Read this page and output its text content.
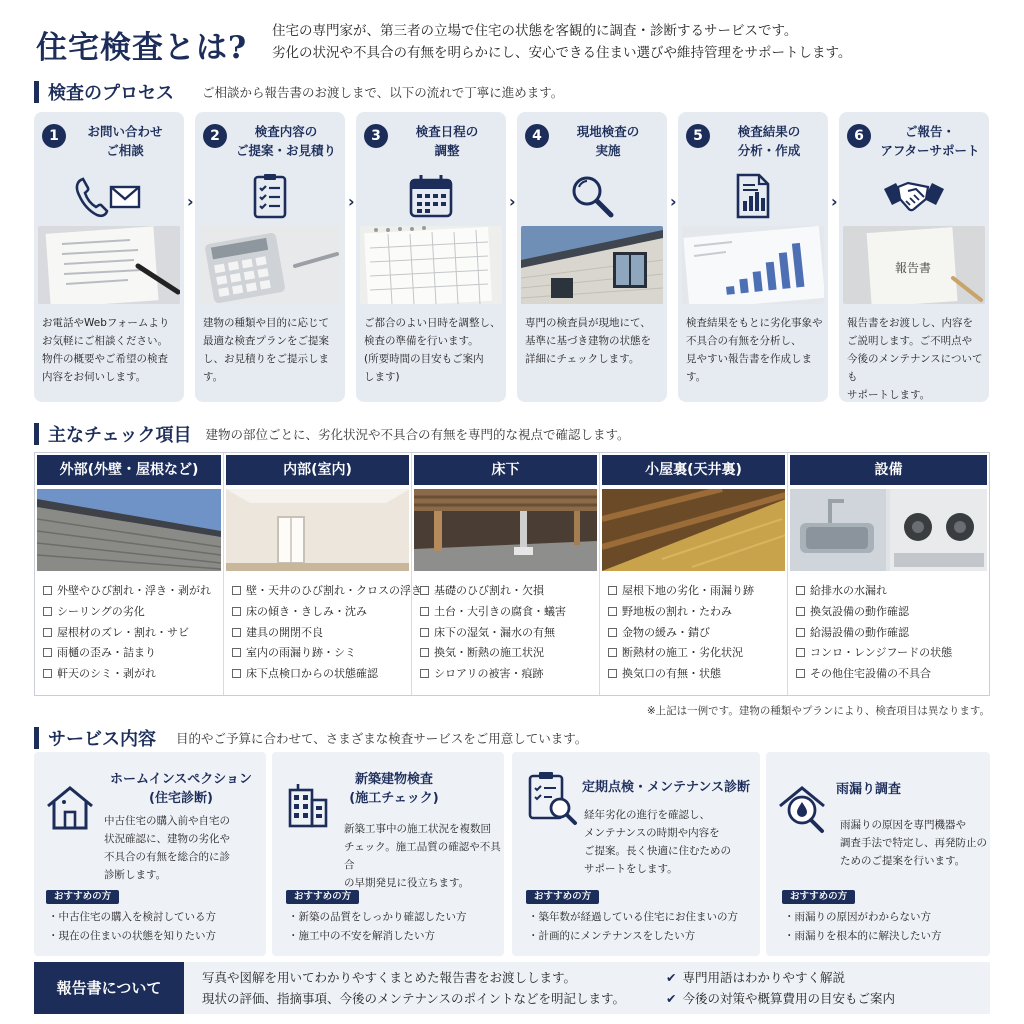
住宅検査とは? 住宅の専門家が、第三者の立場で住宅の状態を客観的に調査・診断するサービスです。
劣化の状況や不具合の有無を明らかにし、安心できる住まい選びや維持管理をサポートします。
検査のプロセス ご相談から報告書のお渡しまで、以下の流れで丁寧に進めます。
1	お問い合わせ
ご相談
お電話やWebフォームより
お気軽にご相談ください。
物件の概要やご希望の検査
内容をお伺いします。
›
2	検査内容の
ご提案・お見積り
建物の種類や目的に応じて
最適な検査プランをご提案
し、お見積りをご提示します。
›
3	検査日程の
調整
ご都合のよい日時を調整し、
検査の準備を行います。
(所要時間の目安もご案内
します)
›
4	現地検査の
実施
専門の検査員が現地にて、
基準に基づき建物の状態を
詳細にチェックします。
›
5	検査結果の
分析・作成
検査結果をもとに劣化事象や
不具合の有無を分析し、
見やすい報告書を作成します。
›
6	ご報告・
アフターサポート
報告書
報告書をお渡しし、内容を
ご説明します。ご不明点や
今後のメンテナンスについても
サポートします。
主なチェック項目 建物の部位ごとに、劣化状況や不具合の有無を専門的な視点で確認します。
外部(外壁・屋根など)
外壁やひび割れ・浮き・剥がれ
シーリングの劣化
屋根材のズレ・割れ・サビ
雨樋の歪み・詰まり
軒天のシミ・剥がれ
内部(室内)
壁・天井のひび割れ・クロスの浮き
床の傾き・きしみ・沈み
建具の開閉不良
室内の雨漏り跡・シミ
床下点検口からの状態確認
床下
基礎のひび割れ・欠損
土台・大引きの腐食・蟻害
床下の湿気・漏水の有無
換気・断熱の施工状況
シロアリの被害・痕跡
小屋裏(天井裏)
屋根下地の劣化・雨漏り跡
野地板の割れ・たわみ
金物の緩み・錆び
断熱材の施工・劣化状況
換気口の有無・状態
設備
給排水の水漏れ
換気設備の動作確認
給湯設備の動作確認
コンロ・レンジフードの状態
その他住宅設備の不具合
※上記は一例です。建物の種類やプランにより、検査項目は異なります。
サービス内容 目的やご予算に合わせて、さまざまな検査サービスをご用意しています。
ホームインスペクション
(住宅診断)
中古住宅の購入前や自宅の
状況確認に、建物の劣化や
不具合の有無を総合的に診
診断します。
おすすめの方
・中古住宅の購入を検討している方
・現在の住まいの状態を知りたい方
新築建物検査
(施工チェック)
新築工事中の施工状況を複数回
チェック。施工品質の確認や不具合
の早期発見に役立ちます。
おすすめの方
・新築の品質をしっかり確認したい方
・施工中の不安を解消したい方
定期点検・メンテナンス診断
経年劣化の進行を確認し、
メンテナンスの時期や内容を
ご提案。長く快適に住むための
サポートをします。
おすすめの方
・築年数が経過している住宅にお住まいの方
・計画的にメンテナンスをしたい方
雨漏り調査
雨漏りの原因を専門機器や
調査手法で特定し、再発防止の
ためのご提案を行います。
おすすめの方
・雨漏りの原因がわからない方
・雨漏りを根本的に解決したい方
報告書について
写真や図解を用いてわかりやすくまとめた報告書をお渡しします。
現状の評価、指摘事項、今後のメンテナンスのポイントなどを明記します。
✔ 専門用語はわかりやすく解説
✔ 今後の対策や概算費用の目安もご案内
